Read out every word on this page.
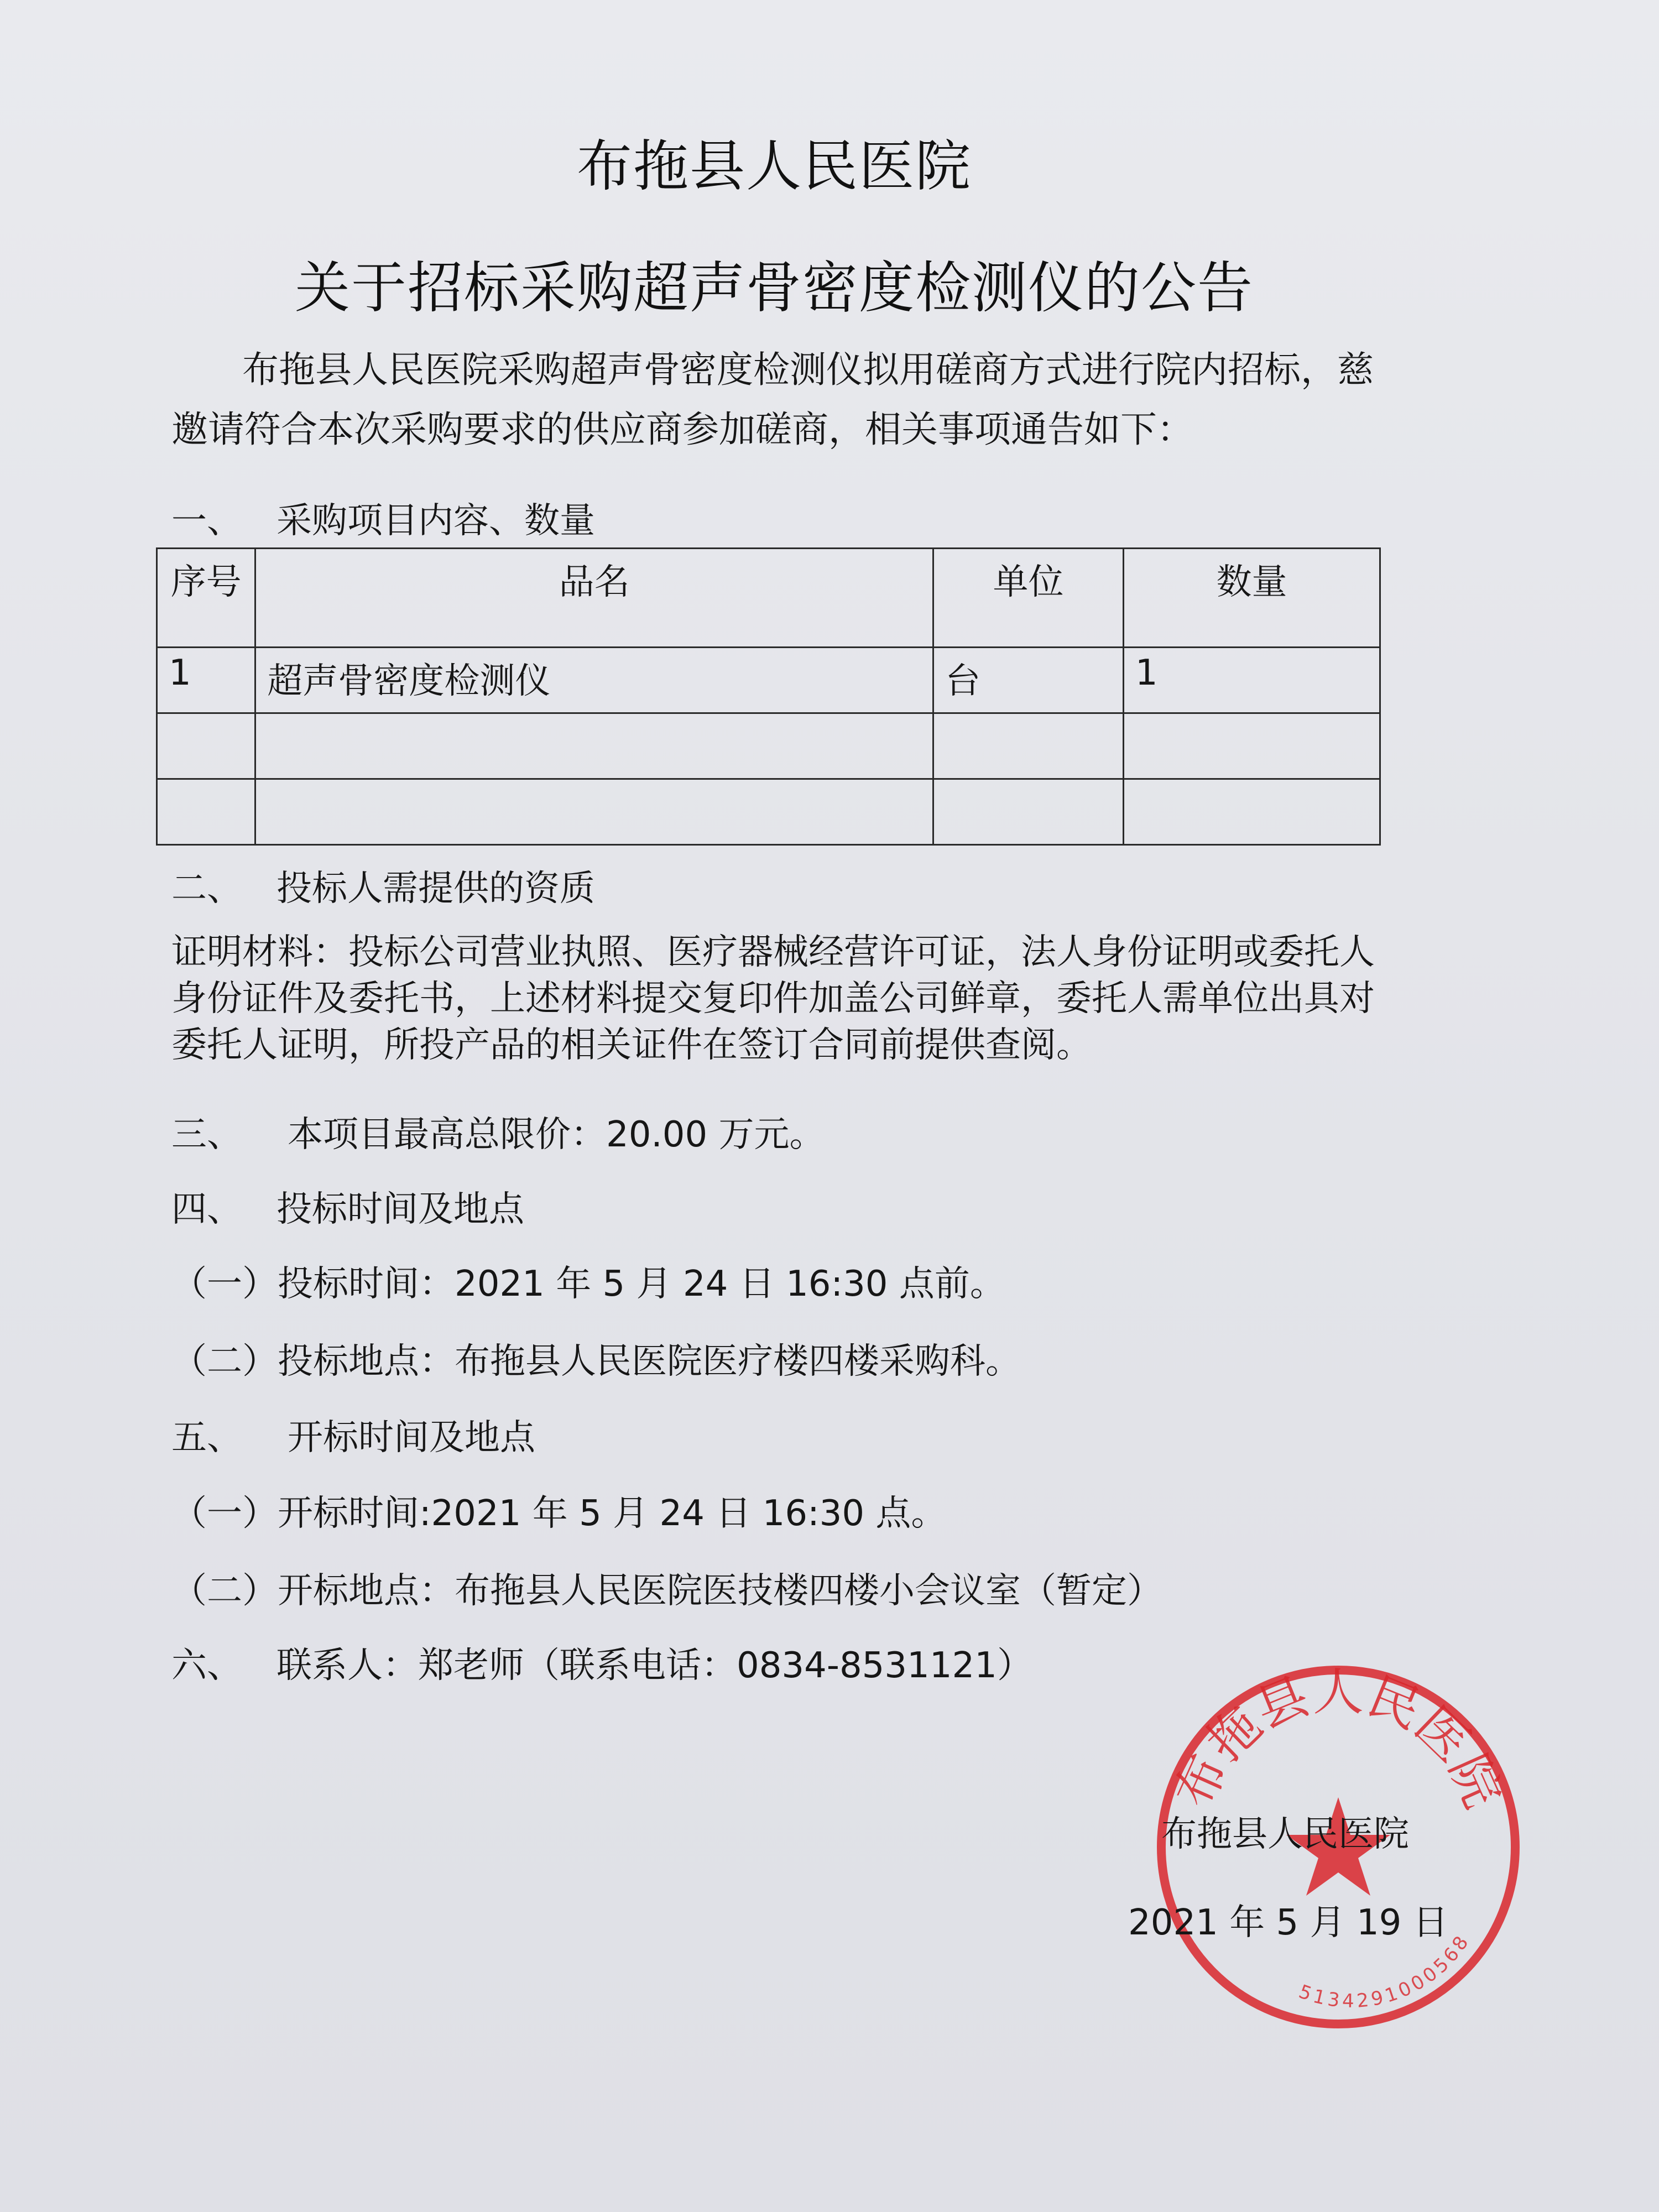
布拖县人民医院
关于招标采购超声骨密度检测仪的公告
布拖县人民医院采购超声骨密度检测仪拟用磋商方式进行院内招标，慈邀请符合本次采购要求的供应商参加磋商，相关事项通告如下：
一、 采购项目内容、数量
序号	品名	单位	数量
1	超声骨密度检测仪	台	1

二、 投标人需提供的资质
证明材料：投标公司营业执照、医疗器械经营许可证，法人身份证明或委托人身份证件及委托书，上述材料提交复印件加盖公司鲜章，委托人需单位出具对委托人证明，所投产品的相关证件在签订合同前提供查阅。
三、 本项目最高总限价：20.00 万元。
四、 投标时间及地点
（一）投标时间：2021 年 5 月 24 日 16:30 点前。
（二）投标地点：布拖县人民医院医疗楼四楼采购科。
五、 开标时间及地点
（一）开标时间:2021 年 5 月 24 日 16:30 点。
（二）开标地点：布拖县人民医院医技楼四楼小会议室（暂定）
六、 联系人：郑老师（联系电话：0834-8531121）
布拖县人民医院
5134291000568
布拖县人民医院
2021 年 5 月 19 日
